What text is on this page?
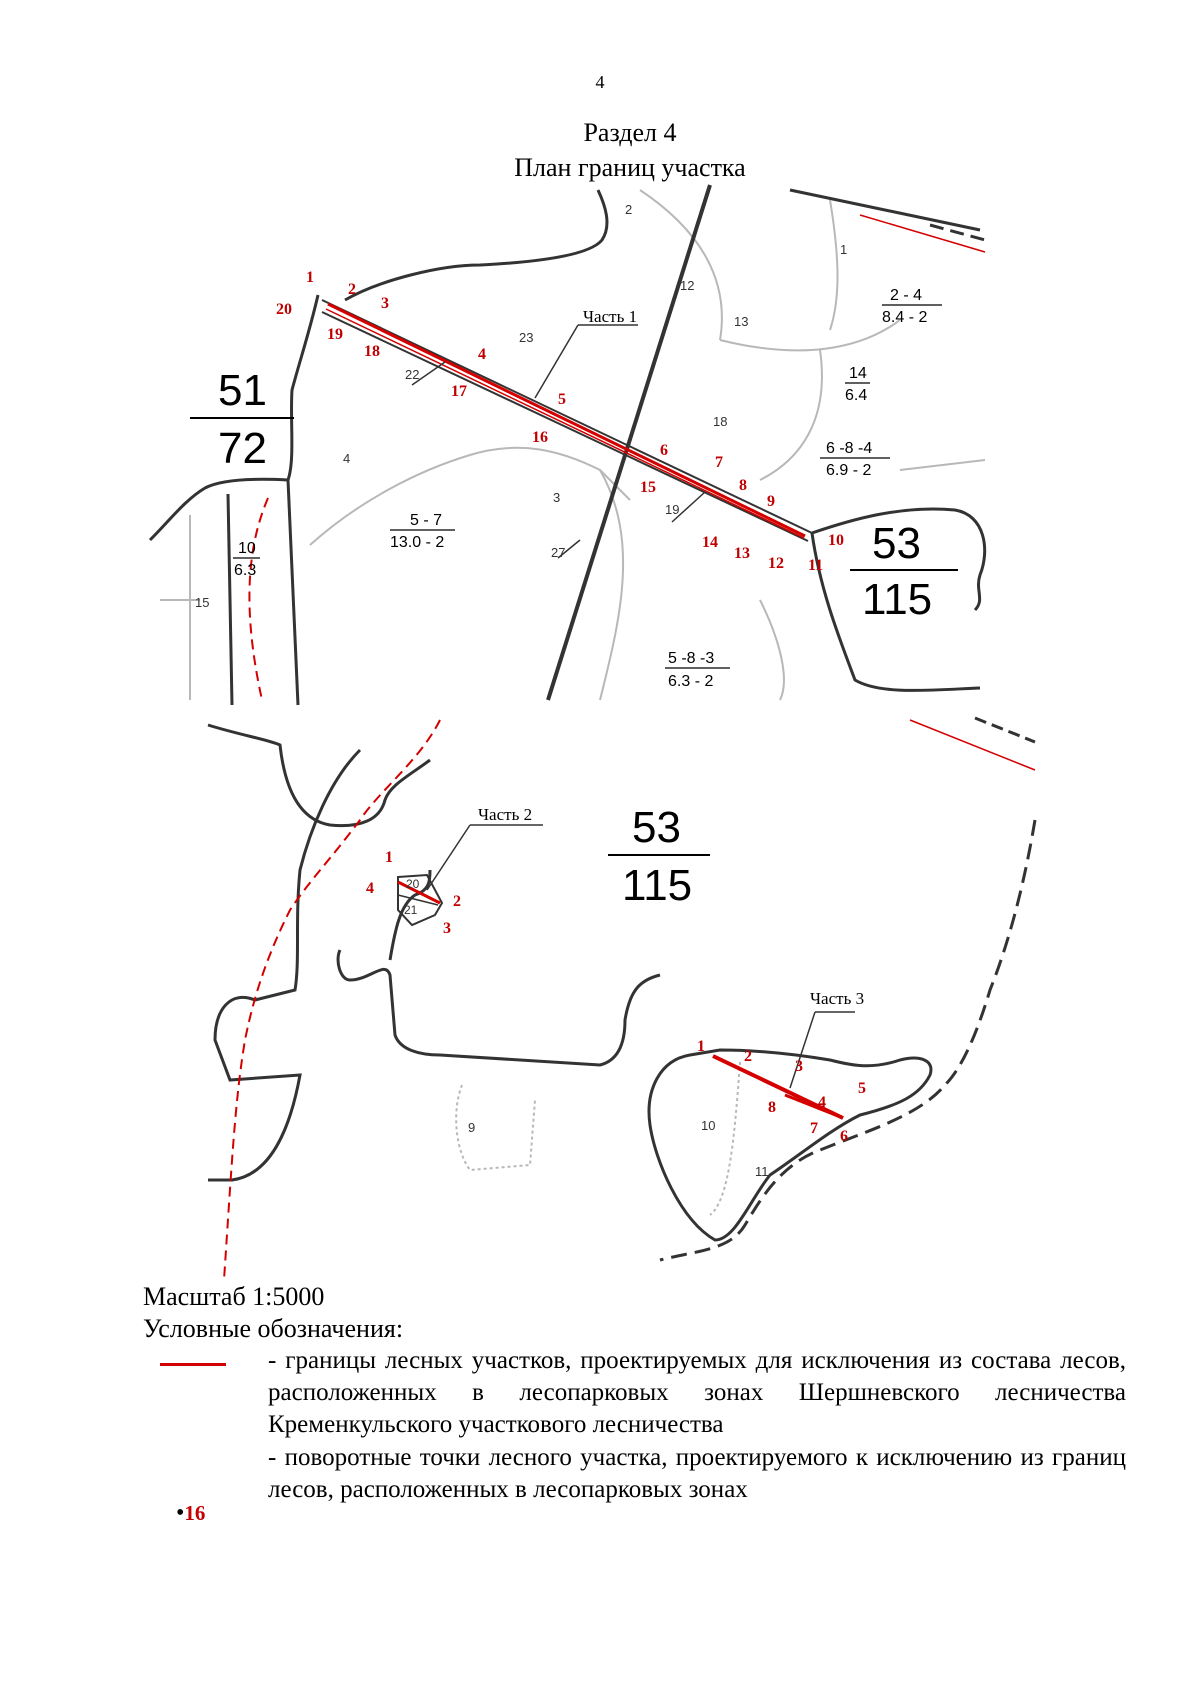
4
Раздел 4
План границ участка
51
72
53
115
Часть 1
2
1
12
13
23
22
18
4
3
19
27
15
2 - 4
8.4 - 2
14
6.4
6 -8 -4
6.9 - 2
5 - 7
13.0 - 2
10
6.3
5 -8 -3
6.3 - 2
1
2
3
4
5
6
7
8
9
10
11
12
13
14
15
16
17
18
19
20
53
115
Часть 2
Часть 3
20
21
9	10
11
1
2
3
4
1
2
3
4
5
6
7
8
Масштаб 1:5000
Условные обозначения:
- границы лесных участков, проектируемых для исключения из состава лесов, расположенных в лесопарковых зонах Шершневского лесничества Кременкульского участкового лесничества
- поворотные точки лесного участка, проектируемого к исключению из границ лесов, расположенных в лесопарковых зонах
•16
